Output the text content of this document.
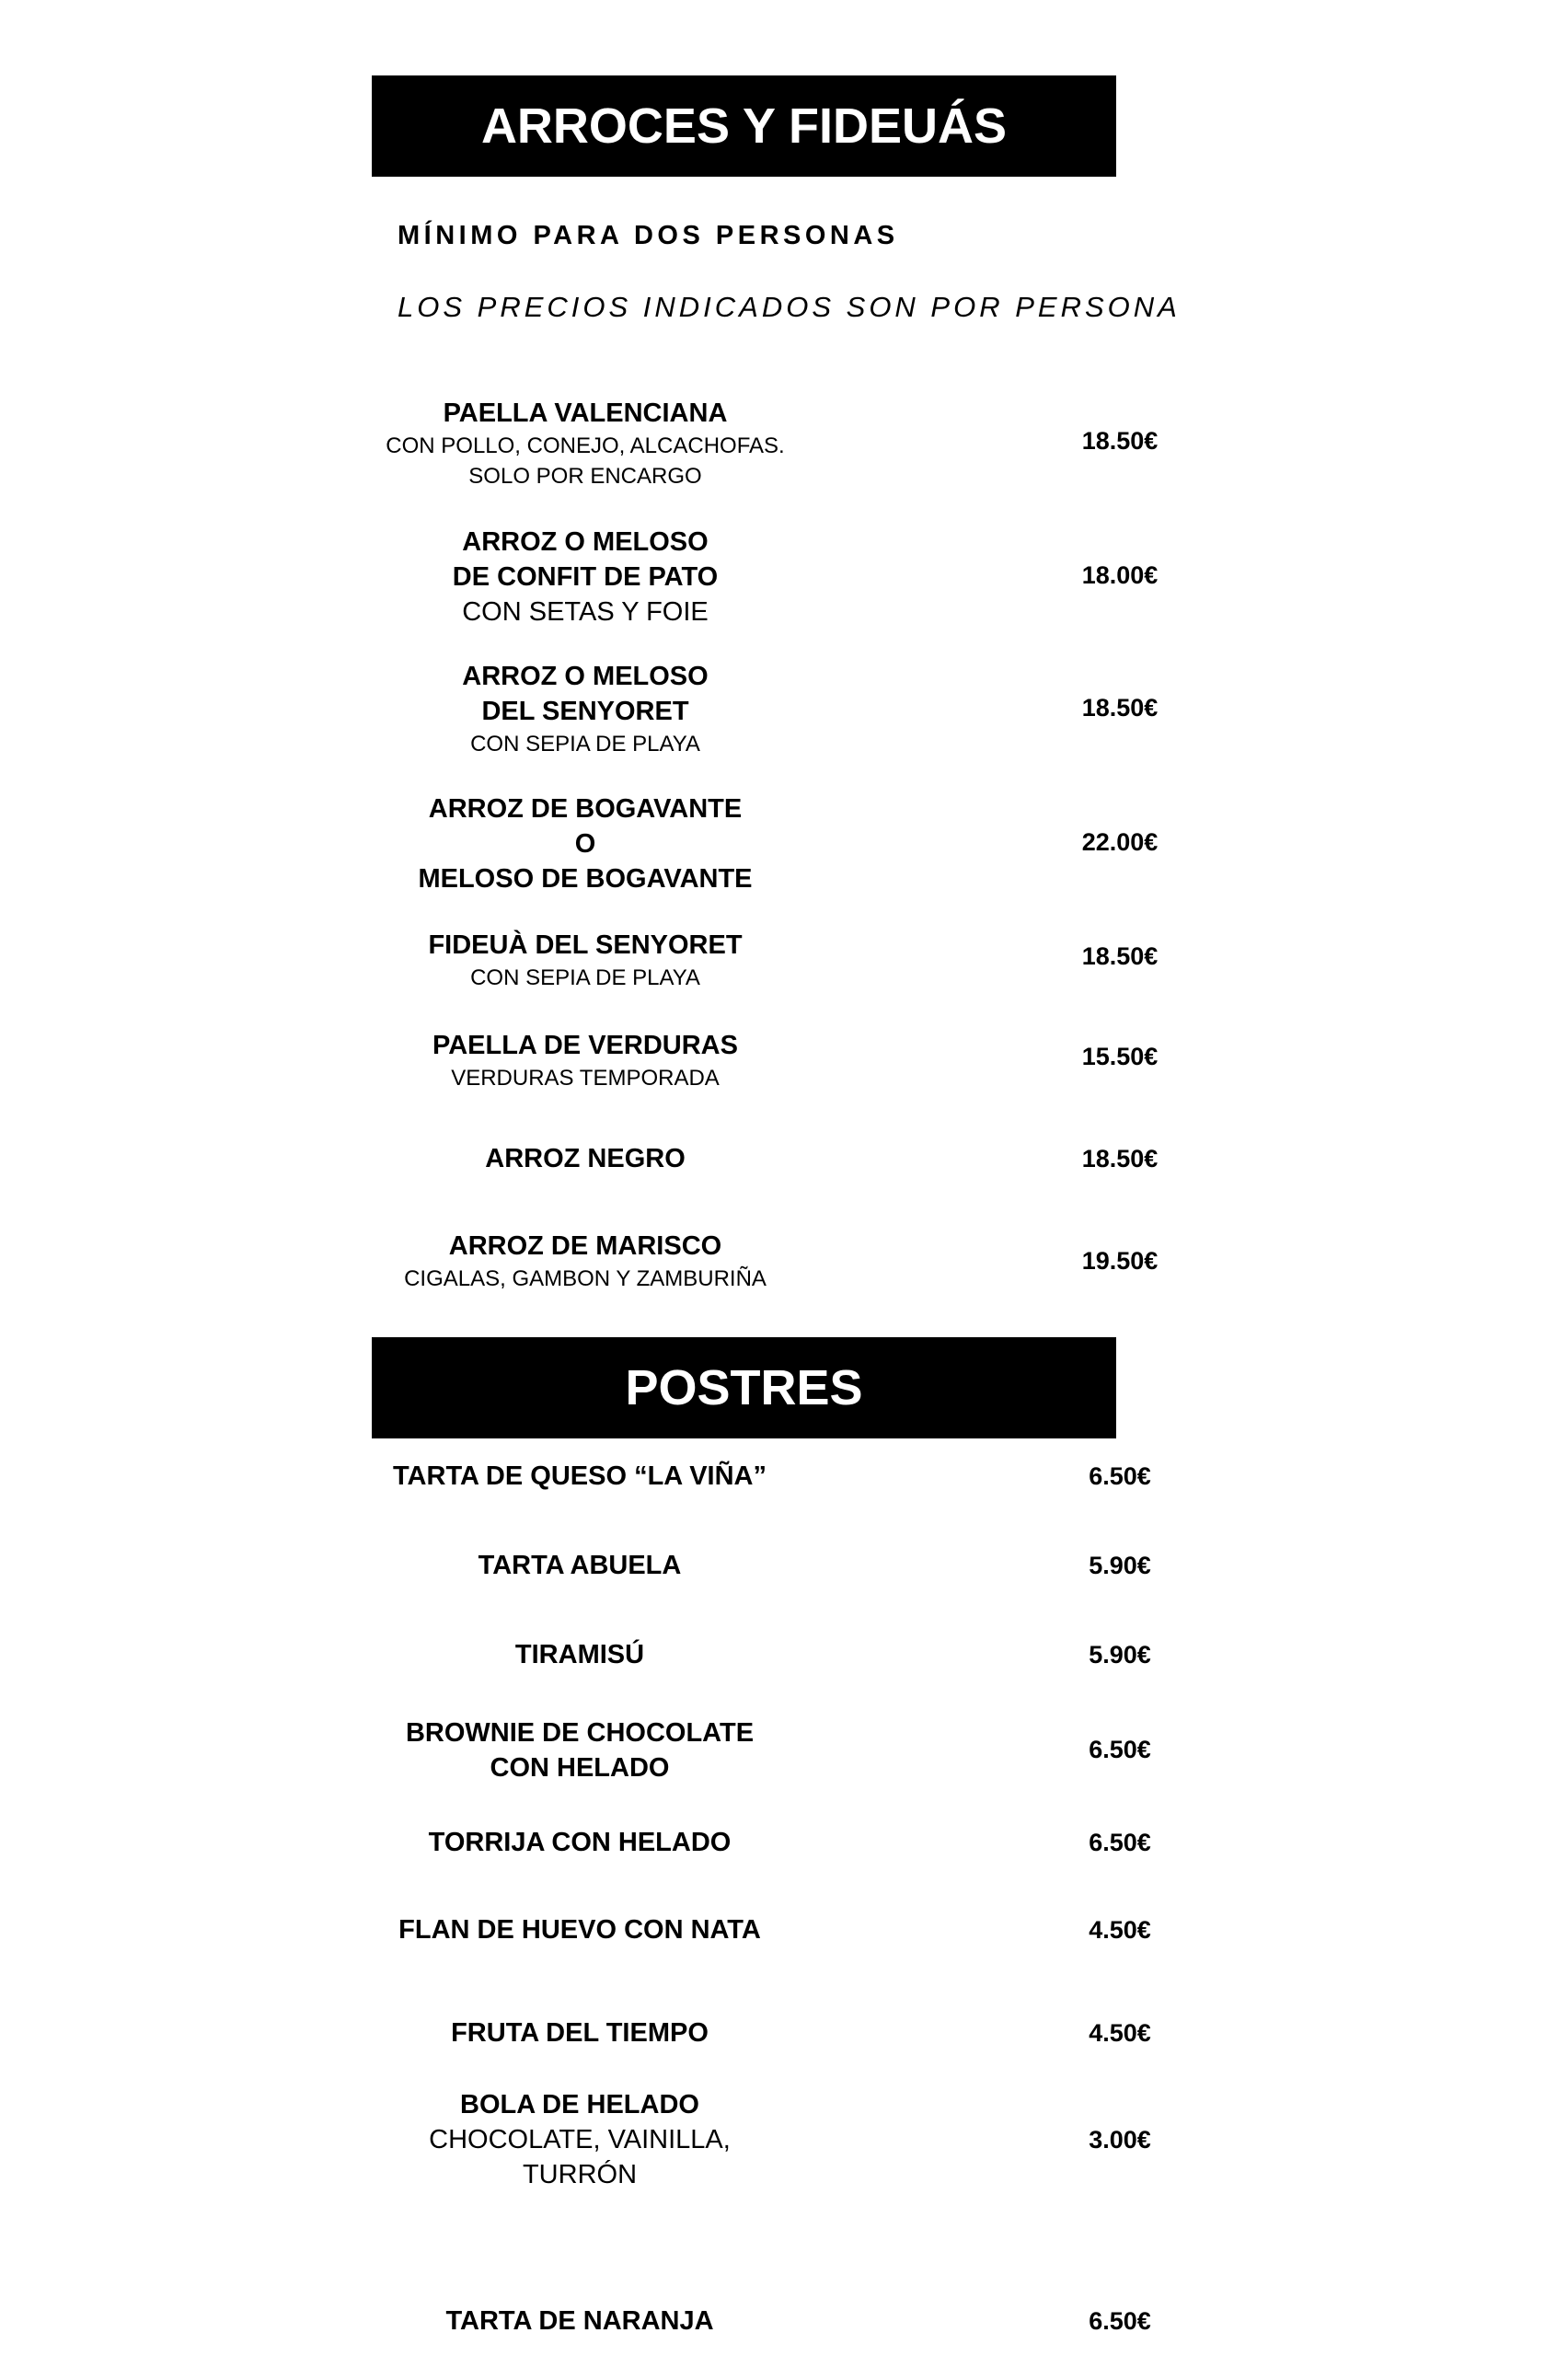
ARROCES Y FIDEUÁS
MÍNIMO PARA DOS PERSONAS
LOS PRECIOS INDICADOS SON POR PERSONA
PAELLA VALENCIANA
CON POLLO, CONEJO, ALCACHOFAS.
SOLO POR ENCARGO
18.50€
ARROZ O MELOSO
DE CONFIT DE PATO
CON SETAS Y FOIE
18.00€
ARROZ O MELOSO
DEL SENYORET
CON SEPIA DE PLAYA
18.50€
ARROZ DE BOGAVANTE
O
MELOSO DE BOGAVANTE
22.00€
FIDEUÀ DEL SENYORET
CON SEPIA DE PLAYA
18.50€
PAELLA DE VERDURAS
VERDURAS TEMPORADA
15.50€
ARROZ NEGRO	18.50€
ARROZ DE MARISCO
CIGALAS, GAMBON Y ZAMBURIÑA
19.50€
POSTRES
TARTA DE QUESO “LA VIÑA”	6.50€
TARTA ABUELA	5.90€
TIRAMISÚ	5.90€
BROWNIE DE CHOCOLATE
CON HELADO
6.50€
TORRIJA CON HELADO	6.50€
FLAN DE HUEVO CON NATA	4.50€
FRUTA DEL TIEMPO	4.50€
BOLA DE HELADO
CHOCOLATE, VAINILLA,
TURRÓN
3.00€
TARTA DE NARANJA	6.50€
